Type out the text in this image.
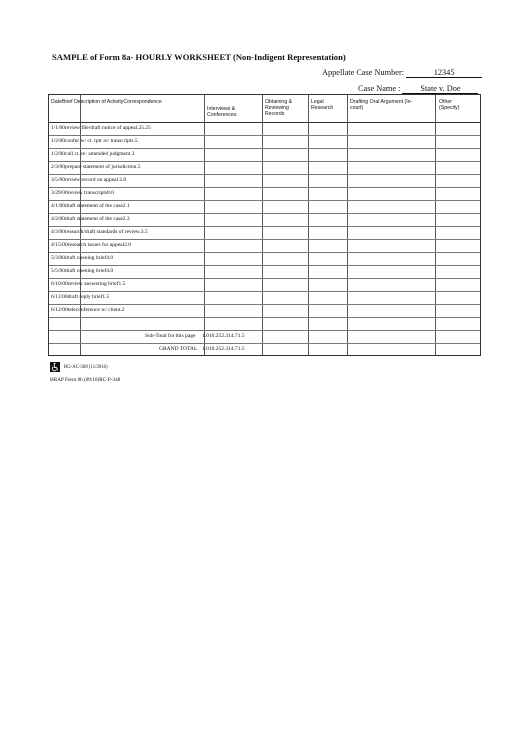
SAMPLE of Form 8a- HOURLY WORKSHEET (Non-Indigent Representation)
Appellate Case Number:	12345
Case Name : State v. Doe
DateBrief Description of ActivityCorrespondence
Interviews & Conferences
Obtaining & Reviewing Records
Legal Research
Drafting Oral Argument (In-court)
Other (Specify)
1/1/00review file/draft notice of appeal.25.25
1/2/00confer w/ ct. rptr re: transcripts.5
1/2/00call ct. re: amended judgment.3
2/3/00prepare statement of jurisdiction.5
3/5/00review record on appeal 2.0
3/29/00review transcripts8.0
4/1/00draft statement of the case2.1
4/2/00draft statement of the case2.3
4/3/00research/draft standards of review.3.5
4/15/00research issues for appeal2.0
5/3/00draft opening brief4.0
5/5/00draft opening brief4.0
6/10/00review answering brief1.5
6/11/00draft reply brief1.5
6/12/00teleconference w/ client.2
Sub-Total for this page 1.010.252.314.71.5
GRAND TOTAL 1.010.252.314.71.5
RG-AC-508 (11/2016)
HRAP Form 8b (09/10)RC-P-348
